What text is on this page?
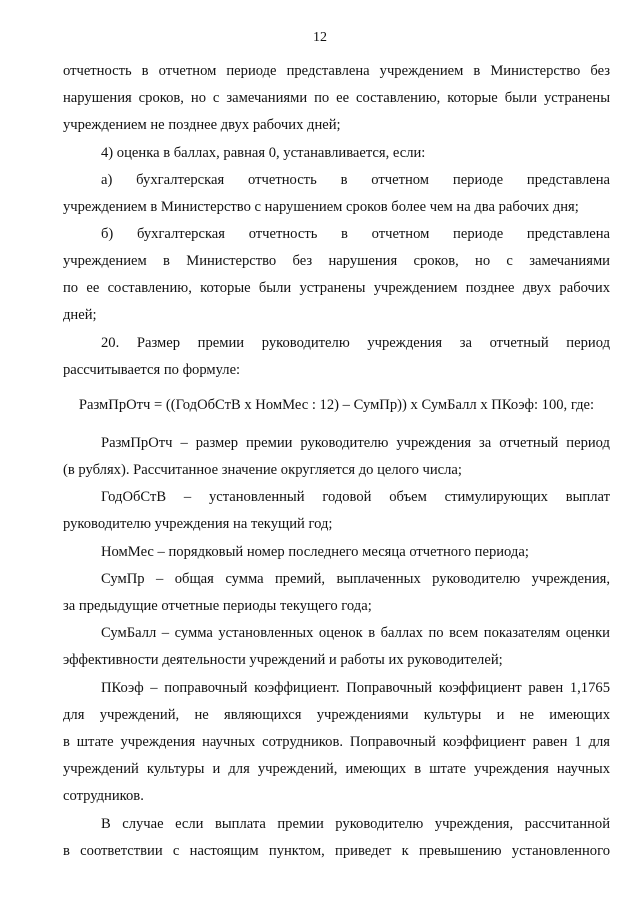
12
отчетность в отчетном периоде представлена учреждением в Министерство без
нарушения сроков, но с замечаниями по ее составлению, которые были устранены
учреждением не позднее двух рабочих дней;
4) оценка в баллах, равная 0, устанавливается, если:
а) бухгалтерская отчетность в отчетном периоде представлена
учреждением в Министерство с нарушением сроков более чем на два рабочих дня;
б) бухгалтерская отчетность в отчетном периоде представлена
учреждением в Министерство без нарушения сроков, но с замечаниями
по ее составлению, которые были устранены учреждением позднее двух рабочих
дней;
20. Размер премии руководителю учреждения за отчетный период
рассчитывается по формуле:
РазмПрОтч = ((ГодОбСтВ х НомМес : 12) – СумПр)) х СумБалл х ПКоэф: 100, где:
РазмПрОтч – размер премии руководителю учреждения за отчетный период
(в рублях). Рассчитанное значение округляется до целого числа;
ГодОбСтВ – установленный годовой объем стимулирующих выплат
руководителю учреждения на текущий год;
НомМес – порядковый номер последнего месяца отчетного периода;
СумПр – общая сумма премий, выплаченных руководителю учреждения,
за предыдущие отчетные периоды текущего года;
СумБалл – сумма установленных оценок в баллах по всем показателям оценки
эффективности деятельности учреждений и работы их руководителей;
ПКоэф – поправочный коэффициент. Поправочный коэффициент равен 1,1765
для учреждений, не являющихся учреждениями культуры и не имеющих
в штате учреждения научных сотрудников. Поправочный коэффициент равен 1 для
учреждений культуры и для учреждений, имеющих в штате учреждения научных
сотрудников.
В случае если выплата премии руководителю учреждения, рассчитанной
в соответствии с настоящим пунктом, приведет к превышению установленного
